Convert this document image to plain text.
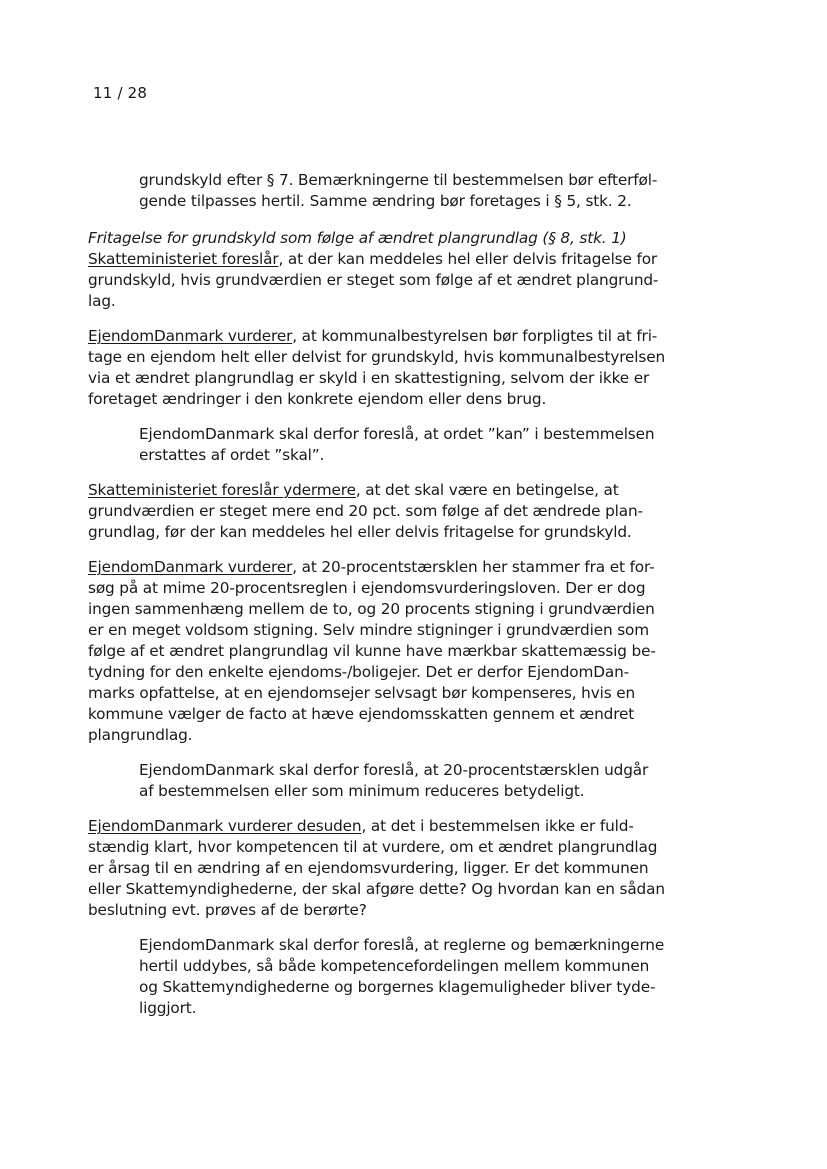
11 / 28
grundskyld efter § 7. Bemærkningerne til bestemmelsen bør efterføl-
gende tilpasses hertil. Samme ændring bør foretages i § 5, stk. 2.
Fritagelse for grundskyld som følge af ændret plangrundlag (§ 8, stk. 1)
Skatteministeriet foreslår, at der kan meddeles hel eller delvis fritagelse for
grundskyld, hvis grundværdien er steget som følge af et ændret plangrund-
lag.
EjendomDanmark vurderer, at kommunalbestyrelsen bør forpligtes til at fri-
tage en ejendom helt eller delvist for grundskyld, hvis kommunalbestyrelsen
via et ændret plangrundlag er skyld i en skattestigning, selvom der ikke er
foretaget ændringer i den konkrete ejendom eller dens brug.
EjendomDanmark skal derfor foreslå, at ordet ”kan” i bestemmelsen
erstattes af ordet ”skal”.
Skatteministeriet foreslår ydermere, at det skal være en betingelse, at
grundværdien er steget mere end 20 pct. som følge af det ændrede plan-
grundlag, før der kan meddeles hel eller delvis fritagelse for grundskyld.
EjendomDanmark vurderer, at 20-procentstærsklen her stammer fra et for-
søg på at mime 20-procentsreglen i ejendomsvurderingsloven. Der er dog
ingen sammenhæng mellem de to, og 20 procents stigning i grundværdien
er en meget voldsom stigning. Selv mindre stigninger i grundværdien som
følge af et ændret plangrundlag vil kunne have mærkbar skattemæssig be-
tydning for den enkelte ejendoms-/boligejer. Det er derfor EjendomDan-
marks opfattelse, at en ejendomsejer selvsagt bør kompenseres, hvis en
kommune vælger de facto at hæve ejendomsskatten gennem et ændret
plangrundlag.
EjendomDanmark skal derfor foreslå, at 20-procentstærsklen udgår
af bestemmelsen eller som minimum reduceres betydeligt.
EjendomDanmark vurderer desuden, at det i bestemmelsen ikke er fuld-
stændig klart, hvor kompetencen til at vurdere, om et ændret plangrundlag
er årsag til en ændring af en ejendomsvurdering, ligger. Er det kommunen
eller Skattemyndighederne, der skal afgøre dette? Og hvordan kan en sådan
beslutning evt. prøves af de berørte?
EjendomDanmark skal derfor foreslå, at reglerne og bemærkningerne
hertil uddybes, så både kompetencefordelingen mellem kommunen
og Skattemyndighederne og borgernes klagemuligheder bliver tyde-
liggjort.
